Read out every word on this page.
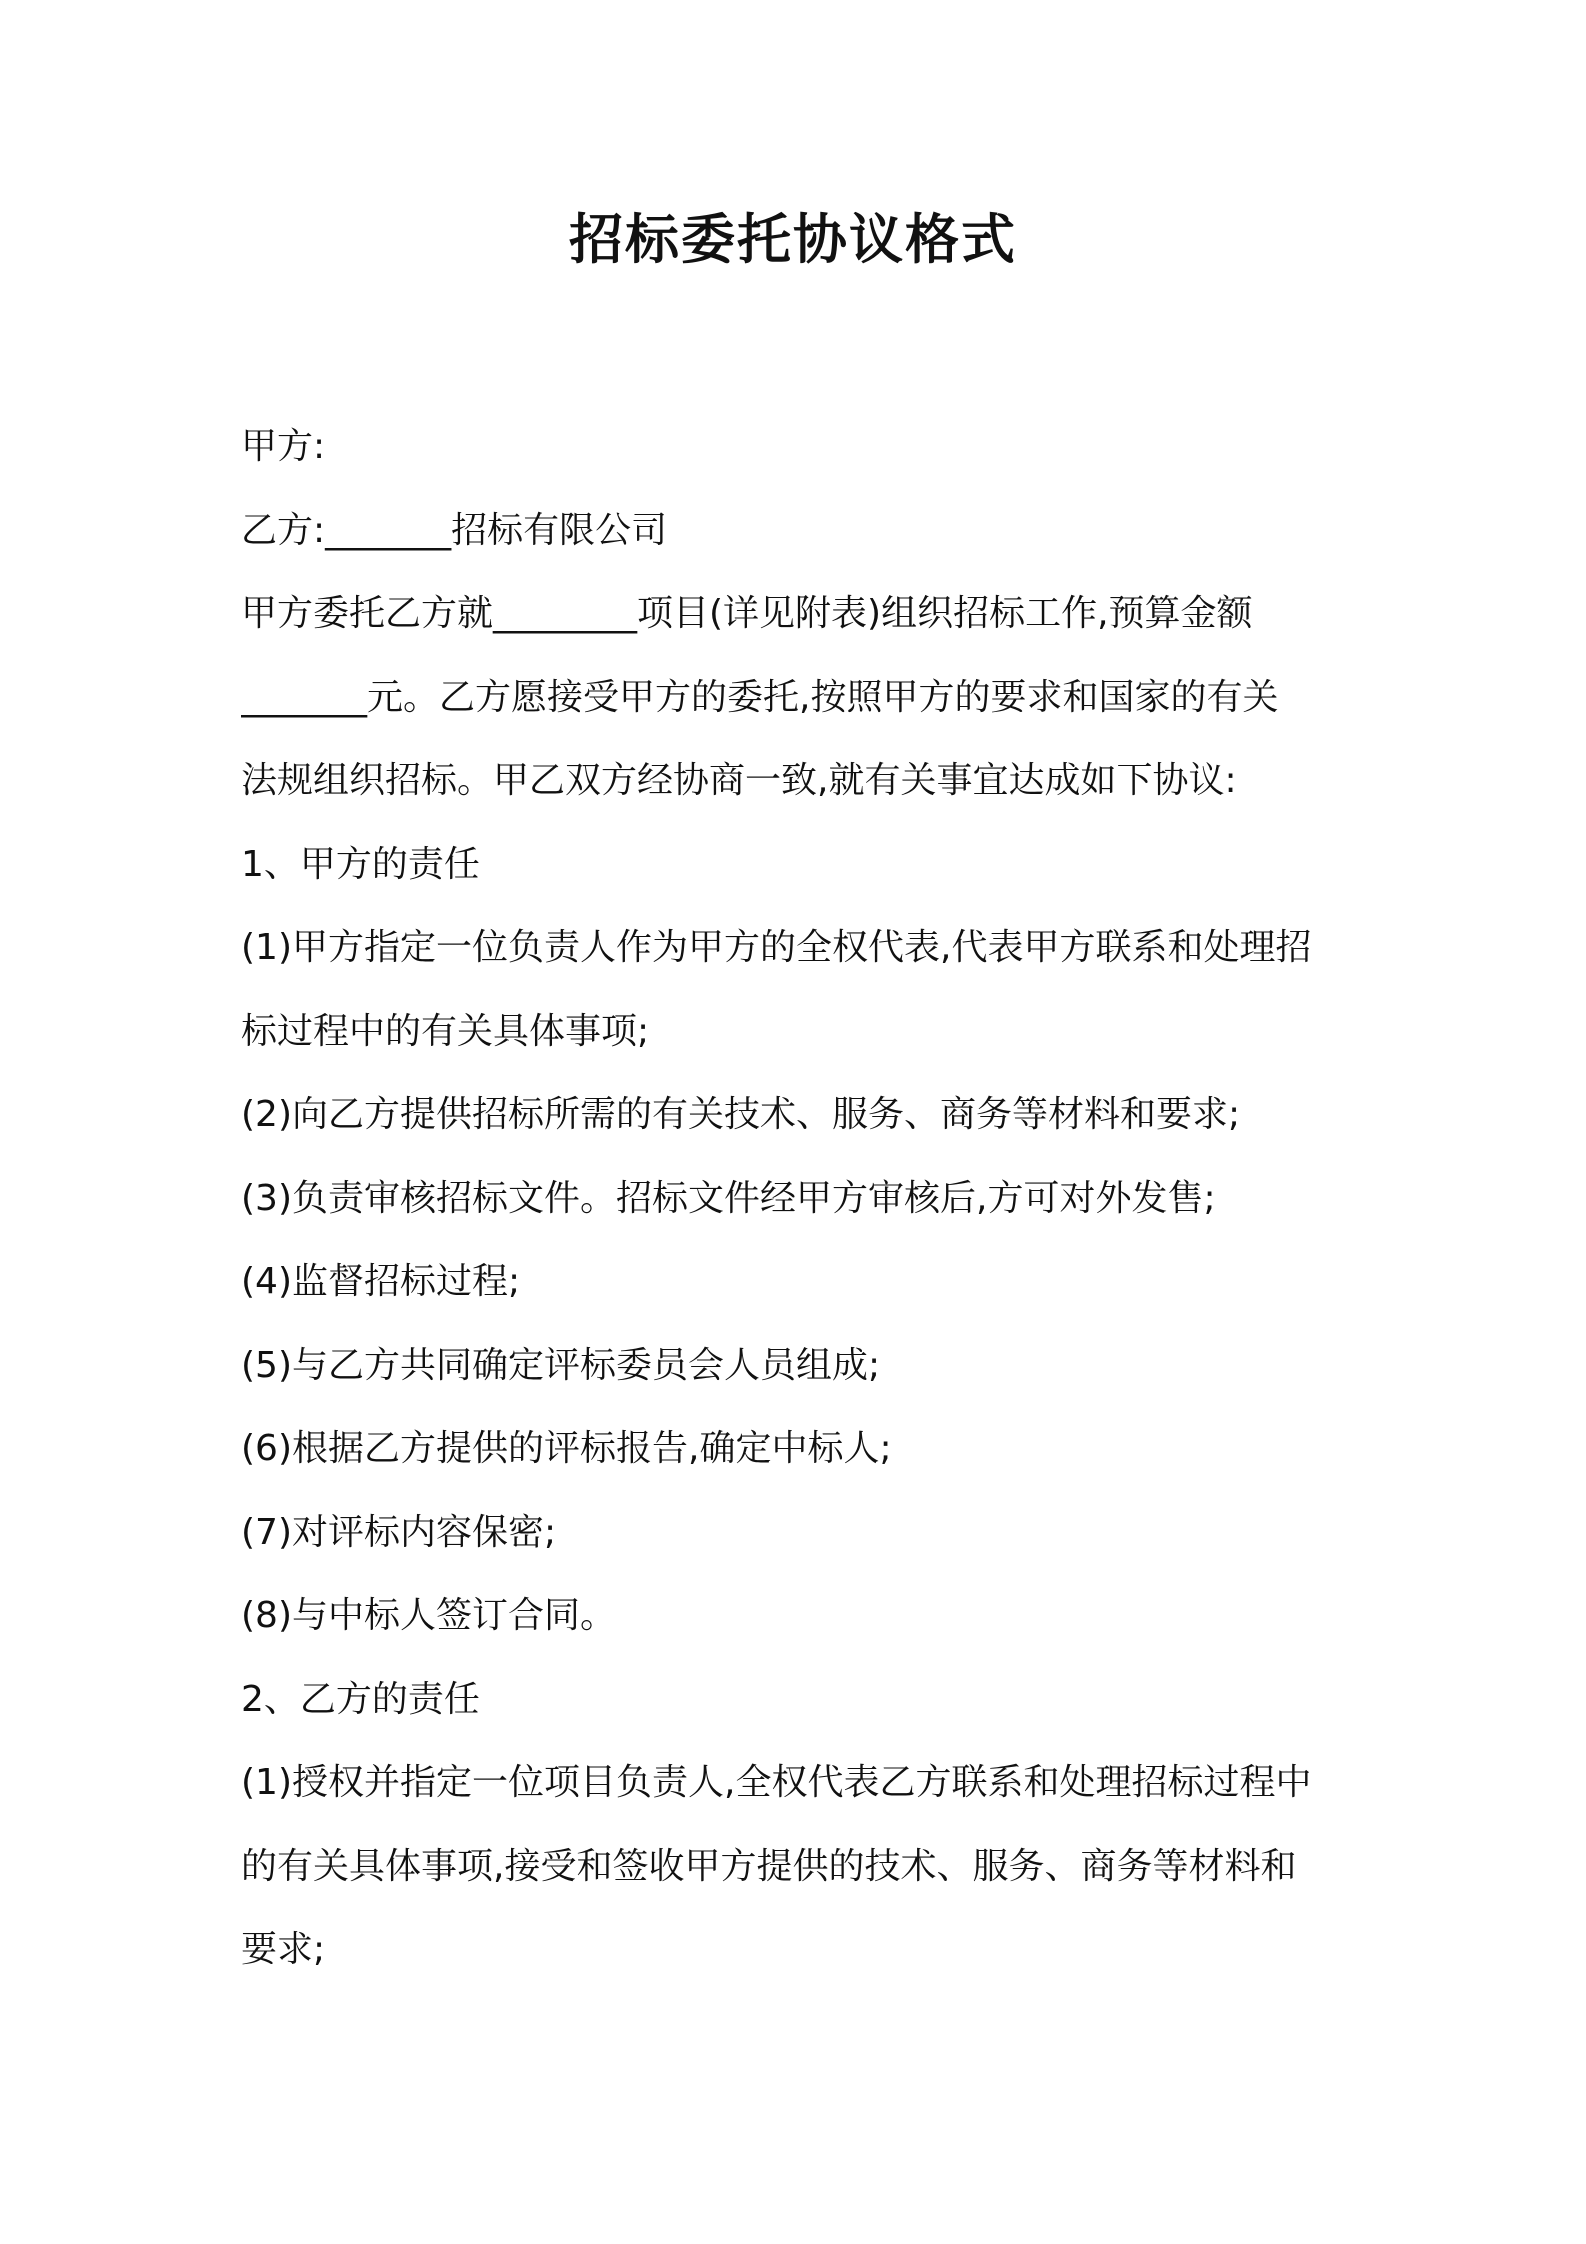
招标委托协议格式
甲方:
乙方:_______招标有限公司
甲方委托乙方就________项目(详见附表)组织招标工作,预算金额
_______元。乙方愿接受甲方的委托,按照甲方的要求和国家的有关
法规组织招标。甲乙双方经协商一致,就有关事宜达成如下协议:
1、甲方的责任
(1)甲方指定一位负责人作为甲方的全权代表,代表甲方联系和处理招
标过程中的有关具体事项;
(2)向乙方提供招标所需的有关技术、服务、商务等材料和要求;
(3)负责审核招标文件。招标文件经甲方审核后,方可对外发售;
(4)监督招标过程;
(5)与乙方共同确定评标委员会人员组成;
(6)根据乙方提供的评标报告,确定中标人;
(7)对评标内容保密;
(8)与中标人签订合同。
2、乙方的责任
(1)授权并指定一位项目负责人,全权代表乙方联系和处理招标过程中
的有关具体事项,接受和签收甲方提供的技术、服务、商务等材料和
要求;
